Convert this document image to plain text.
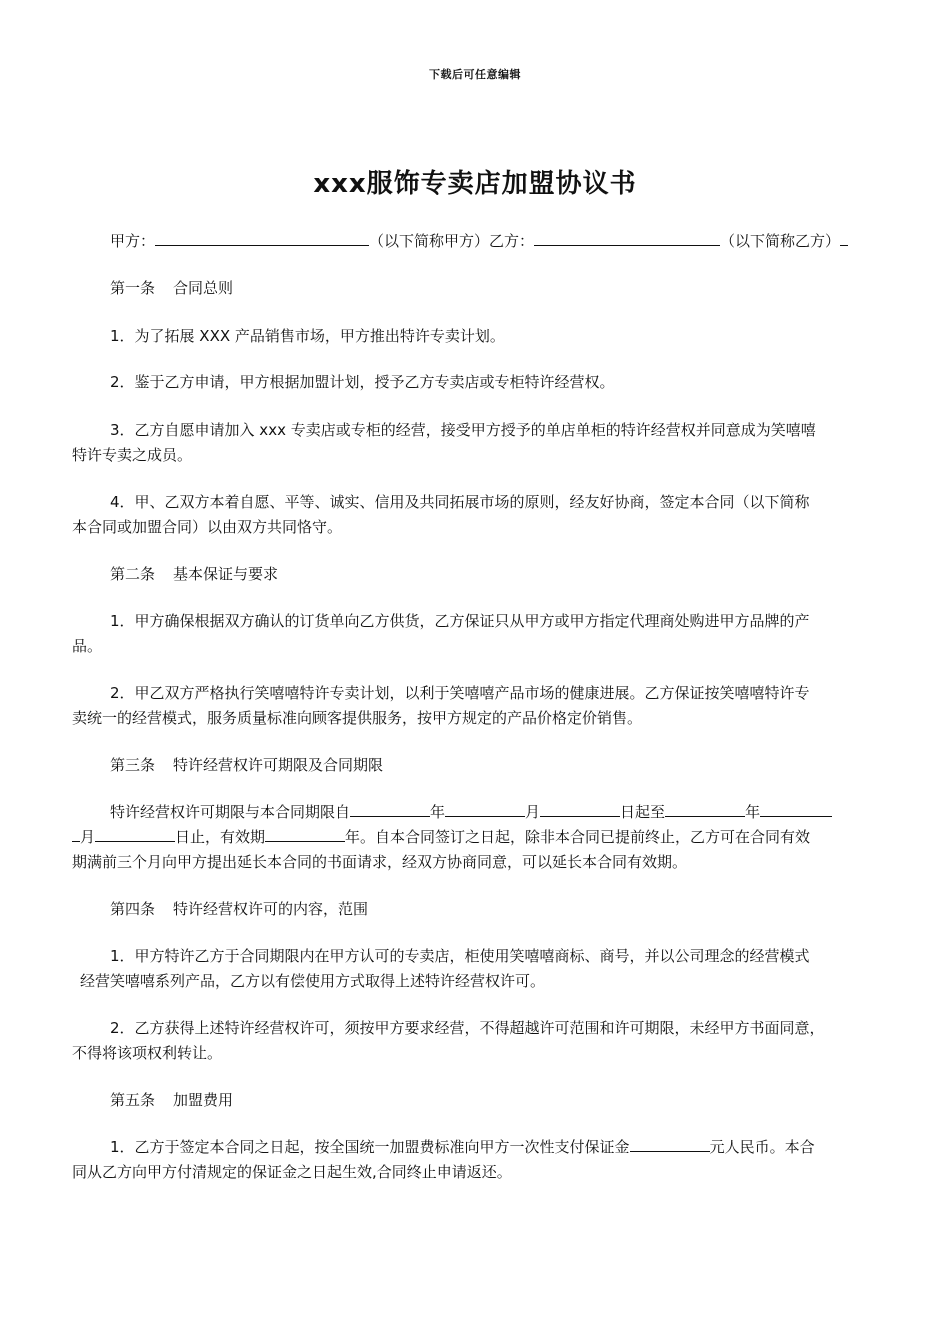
下载后可任意编辑
xxx服饰专卖店加盟协议书
甲方：	（以下简称甲方）乙方：	（以下简称乙方）
第一条 合同总则
1．为了拓展 XXX 产品销售市场，甲方推出特许专卖计划。
2．鉴于乙方申请，甲方根据加盟计划，授予乙方专卖店或专柜特许经营权。
3．乙方自愿申请加入 xxx 专卖店或专柜的经营，接受甲方授予的单店单柜的特许经营权并同意成为笑嘻嘻
特许专卖之成员。
4．甲、乙双方本着自愿、平等、诚实、信用及共同拓展市场的原则，经友好协商，签定本合同（以下简称
本合同或加盟合同）以由双方共同恪守。
第二条 基本保证与要求
1．甲方确保根据双方确认的订货单向乙方供货，乙方保证只从甲方或甲方指定代理商处购进甲方品牌的产
品。
2．甲乙双方严格执行笑嘻嘻特许专卖计划，以利于笑嘻嘻产品市场的健康进展。乙方保证按笑嘻嘻特许专
卖统一的经营模式，服务质量标准向顾客提供服务，按甲方规定的产品价格定价销售。
第三条 特许经营权许可期限及合同期限
特许经营权许可期限与本合同期限自	年	月	日起至	年
月	日止，有效期	年。自本合同签订之日起，除非本合同已提前终止，乙方可在合同有效
期满前三个月向甲方提出延长本合同的书面请求，经双方协商同意，可以延长本合同有效期。
第四条 特许经营权许可的内容，范围
1．甲方特许乙方于合同期限内在甲方认可的专卖店，柜使用笑嘻嘻商标、商号，并以公司理念的经营模式
经营笑嘻嘻系列产品，乙方以有偿使用方式取得上述特许经营权许可。
2．乙方获得上述特许经营权许可，须按甲方要求经营，不得超越许可范围和许可期限，未经甲方书面同意，
不得将该项权利转让。
第五条 加盟费用
1．乙方于签定本合同之日起，按全国统一加盟费标准向甲方一次性支付保证金	元人民币。本合
同从乙方向甲方付清规定的保证金之日起生效,合同终止申请返还。
